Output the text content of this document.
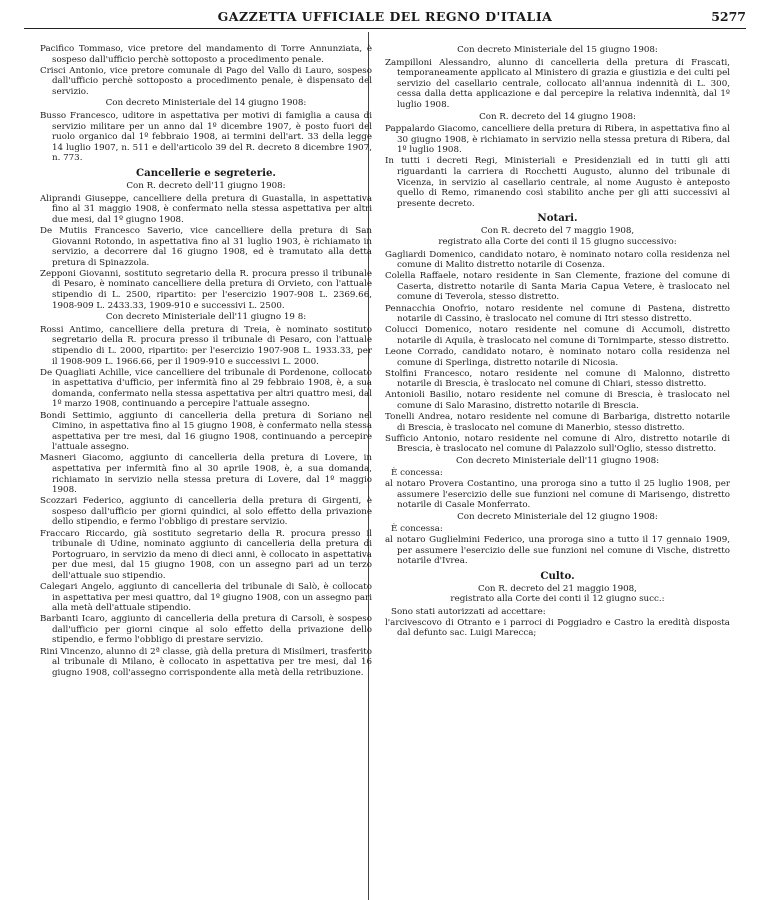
GAZZETTA UFFICIALE DEL REGNO D'ITALIA	5277

Pacifico Tommaso, vice pretore del mandamento di Torre Annunziata, è sospeso dall'ufficio perchè sottoposto a procedimento penale.

Crisci Antonio, vice pretore comunale di Pago del Vallo di Lauro, sospeso dall'ufficio perchè sottoposto a procedimento penale, è dispensato del servizio.

Con decreto Ministeriale del 14 giugno 1908:

Busso Francesco, uditore in aspettativa per motivi di famiglia a causa di servizio militare per un anno dal 1º dicembre 1907, è posto fuori del ruolo organico dal 1º febbraio 1908, ai termini dell'art. 33 della legge 14 luglio 1907, n. 511 e dell'articolo 39 del R. decreto 8 dicembre 1907, n. 773.

Cancellerie e segreterie.

Con R. decreto dell'11 giugno 1908:

Aliprandi Giuseppe, cancelliere della pretura di Guastalla, in aspettativa fino al 31 maggio 1908, è confermato nella stessa aspettativa per altri due mesi, dal 1º giugno 1908.

De Mutiis Francesco Saverio, vice cancelliere della pretura di San Giovanni Rotondo, in aspettativa fino al 31 luglio 1903, è richiamato in servizio, a decorrere dal 16 giugno 1908, ed è tramutato alla detta pretura di Spinazzola.

Zepponi Giovanni, sostituto segretario della R. procura presso il tribunale di Pesaro, è nominato cancelliere della pretura di Orvieto, con l'attuale stipendio di L. 2500, ripartito: per l'esercizio 1907-908 L. 2369.66, 1908-909 L. 2433.33, 1909-910 e successivi L. 2500.

Con decreto Ministeriale dell'11 giugno 19 8:

Rossi Antimo, cancelliere della pretura di Treia, è nominato sostituto segretario della R. procura presso il tribunale di Pesaro, con l'attuale stipendio di L. 2000, ripartito: per l'esercizio 1907-908 L. 1933.33, per il 1908-909 L. 1966.66, per il 1909-910 e successivi L. 2000.

De Quagliati Achille, vice cancelliere del tribunale di Pordenone, collocato in aspettativa d'ufficio, per infermità fino al 29 febbraio 1908, è, a sua domanda, confermato nella stessa aspettativa per altri quattro mesi, dal 1º marzo 1908, continuando a percepire l'attuale assegno.

Bondi Settimio, aggiunto di cancelleria della pretura di Soriano nel Cimino, in aspettativa fino al 15 giugno 1908, è confermato nella stessa aspettativa per tre mesi, dal 16 giugno 1908, continuando a percepire l'attuale assegno.

Masneri Giacomo, aggiunto di cancelleria della pretura di Lovere, in aspettativa per infermità fino al 30 aprile 1908, è, a sua domanda, richiamato in servizio nella stessa pretura di Lovere, dal 1º maggio 1908.

Scozzari Federico, aggiunto di cancelleria della pretura di Girgenti, è sospeso dall'ufficio per giorni quindici, al solo effetto della privazione dello stipendio, e fermo l'obbligo di prestare servizio.

Fraccaro Riccardo, già sostituto segretario della R. procura presso il tribunale di Udine, nominato aggiunto di cancelleria della pretura di Portogruaro, in servizio da meno di dieci anni, è collocato in aspettativa per due mesi, dal 15 giugno 1908, con un assegno pari ad un terzo dell'attuale suo stipendio.

Calegari Angelo, aggiunto di cancelleria del tribunale di Salò, è collocato in aspettativa per mesi quattro, dal 1º giugno 1908, con un assegno pari alla metà dell'attuale stipendio.

Barbanti Icaro, aggiunto di cancelleria della pretura di Carsoli, è sospeso dall'ufficio per giorni cinque al solo effetto della privazione dello stipendio, e fermo l'obbligo di prestare servizio.

Rini Vincenzo, alunno di 2ª classe, già della pretura di Misilmeri, trasferito al tribunale di Milano, è collocato in aspettativa per tre mesi, dal 16 giugno 1908, coll'assegno corrispondente alla metà della retribuzione.

Con decreto Ministeriale del 15 giugno 1908:

Zampilloni Alessandro, alunno di cancelleria della pretura di Frascati, temporaneamente applicato al Ministero di grazia e giustizia e dei culti pel servizio del casellario centrale, collocato all'annua indennità di L. 300, cessa dalla detta applicazione e dal percepire la relativa indennità, dal 1º luglio 1908.

Con R. decreto del 14 giugno 1908:

Pappalardo Giacomo, cancelliere della pretura di Ribera, in aspettativa fino al 30 giugno 1908, è richiamato in servizio nella stessa pretura di Ribera, dal 1º luglio 1908.

In tutti i decreti Regi, Ministeriali e Presidenziali ed in tutti gli atti riguardanti la carriera di Rocchetti Augusto, alunno del tribunale di Vicenza, in servizio al casellario centrale, al nome Augusto è anteposto quello di Remo, rimanendo così stabilito anche per gli atti successivi al presente decreto.

Notari.

Con R. decreto del 7 maggio 1908,

registrato alla Corte dei conti il 15 giugno successivo:

Gagliardi Domenico, candidato notaro, è nominato notaro colla residenza nel comune di Malito distretto notarile di Cosenza.

Colella Raffaele, notaro residente in San Clemente, frazione del comune di Caserta, distretto notarile di Santa Maria Capua Vetere, è traslocato nel comune di Teverola, stesso distretto.

Pennacchia Onofrio, notaro residente nel comune di Pastena, distretto notarile di Cassino, è traslocato nel comune di Itri stesso distretto.

Colucci Domenico, notaro residente nel comune di Accumoli, distretto notarile di Aquila, è traslocato nel comune di Tornimparte, stesso distretto.

Leone Corrado, candidato notaro, è nominato notaro colla residenza nel comune di Sperlinga, distretto notarile di Nicosia.

Stolfini Francesco, notaro residente nel comune di Malonno, distretto notarile di Brescia, è traslocato nel comune di Chiari, stesso distretto.

Antonioli Basilio, notaro residente nel comune di Brescia, è traslocato nel comune di Salo Marasino, distretto notarile di Brescia.

Tonelli Andrea, notaro residente nel comune di Barbariga, distretto notarile di Brescia, è traslocato nel comune di Manerbio, stesso distretto.

Sufficio Antonio, notaro residente nel comune di Alro, distretto notarile di Brescia, è traslocato nel comune di Palazzolo sull'Oglio, stesso distretto.

Con decreto Ministeriale dell'11 giugno 1908:

È concessa:

al notaro Provera Costantino, una proroga sino a tutto il 25 luglio 1908, per assumere l'esercizio delle sue funzioni nel comune di Marisengo, distretto notarile di Casale Monferrato.

Con decreto Ministeriale del 12 giugno 1908:

È concessa:

al notaro Guglielmini Federico, una proroga sino a tutto il 17 gennaio 1909, per assumere l'esercizio delle sue funzioni nel comune di Vische, distretto notarile d'Ivrea.

Culto.

Con R. decreto del 21 maggio 1908,

registrato alla Corte dei conti il 12 giugno succ.:

Sono stati autorizzati ad accettare:

l'arcivescovo di Otranto e i parroci di Poggiadro e Castro la eredità disposta dal defunto sac. Luigi Marecca;
